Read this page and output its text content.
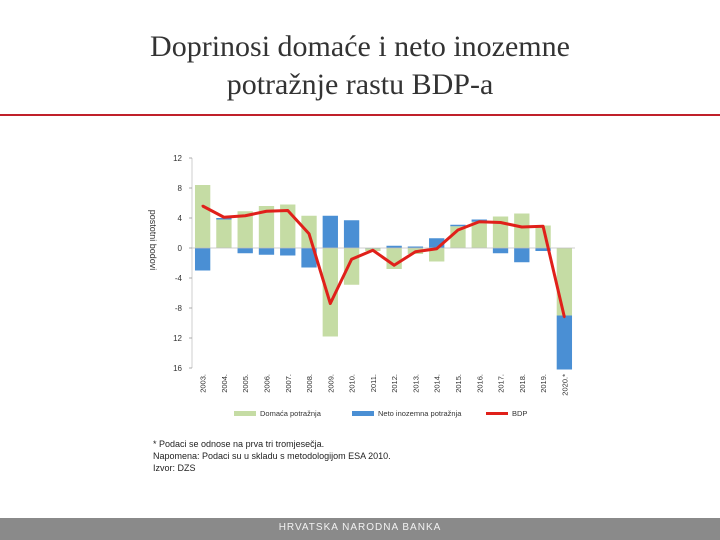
Doprinosi domaće i neto inozemne
potražnje rastu BDP-a
12
8
4
0
-4
-8
12
16
2003. 2004. 2005. 2006. 2007. 2008. 2009. 2010. 2011. 2012. 2013. 2014. 2015. 2016. 2017. 2018. 2019. 2020.*
Domaća potražnja	Neto inozemna potražnja	BDP
postotni bodovi
* Podaci se odnose na prva tri tromjesečja.
Napomena: Podaci su u skladu s metodologijom ESA 2010.
Izvor: DZS
HRVATSKA NARODNA BANKA
